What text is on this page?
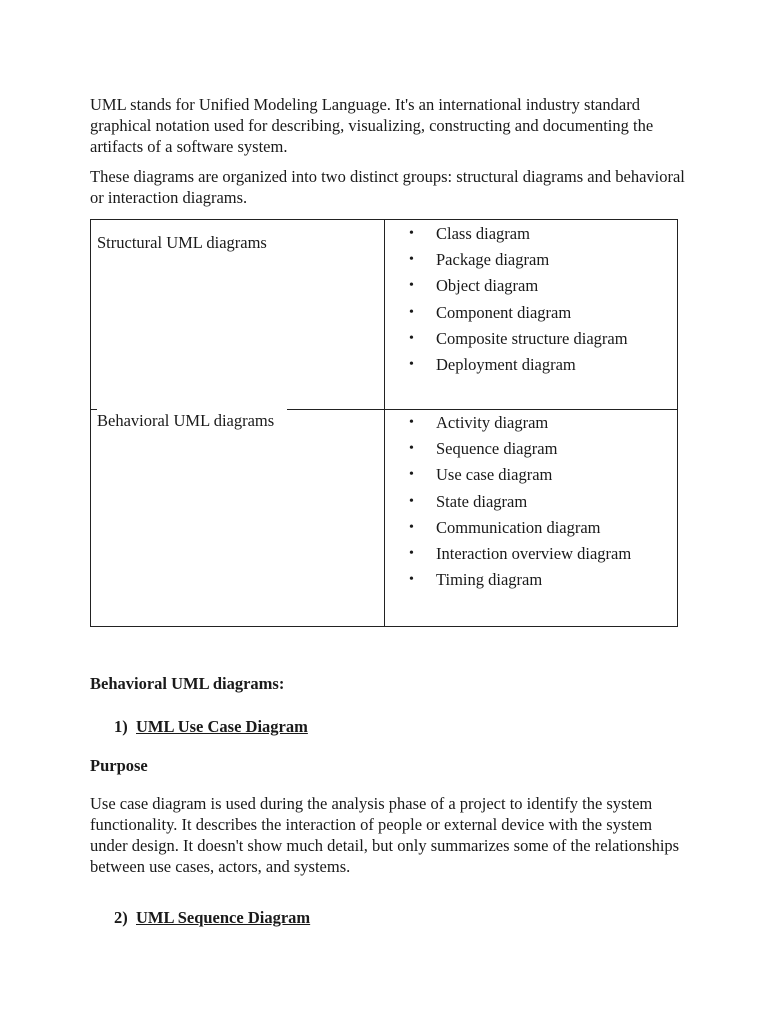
UML stands for Unified Modeling Language. It's an international industry standard graphical notation used for describing, visualizing, constructing and documenting the artifacts of a software system.

These diagrams are organized into two distinct groups: structural diagrams and behavioral or interaction diagrams.

Structural UML diagrams	• Class diagram
• Package diagram
• Object diagram
• Component diagram
• Composite structure diagram
• Deployment diagram

Behavioral UML diagrams	• Activity diagram
• Sequence diagram
• Use case diagram
• State diagram
• Communication diagram
• Interaction overview diagram
• Timing diagram

Behavioral UML diagrams:

1) UML Use Case Diagram

Purpose

Use case diagram is used during the analysis phase of a project to identify the system functionality. It describes the interaction of people or external device with the system under design. It doesn't show much detail, but only summarizes some of the relationships between use cases, actors, and systems.

2) UML Sequence Diagram
